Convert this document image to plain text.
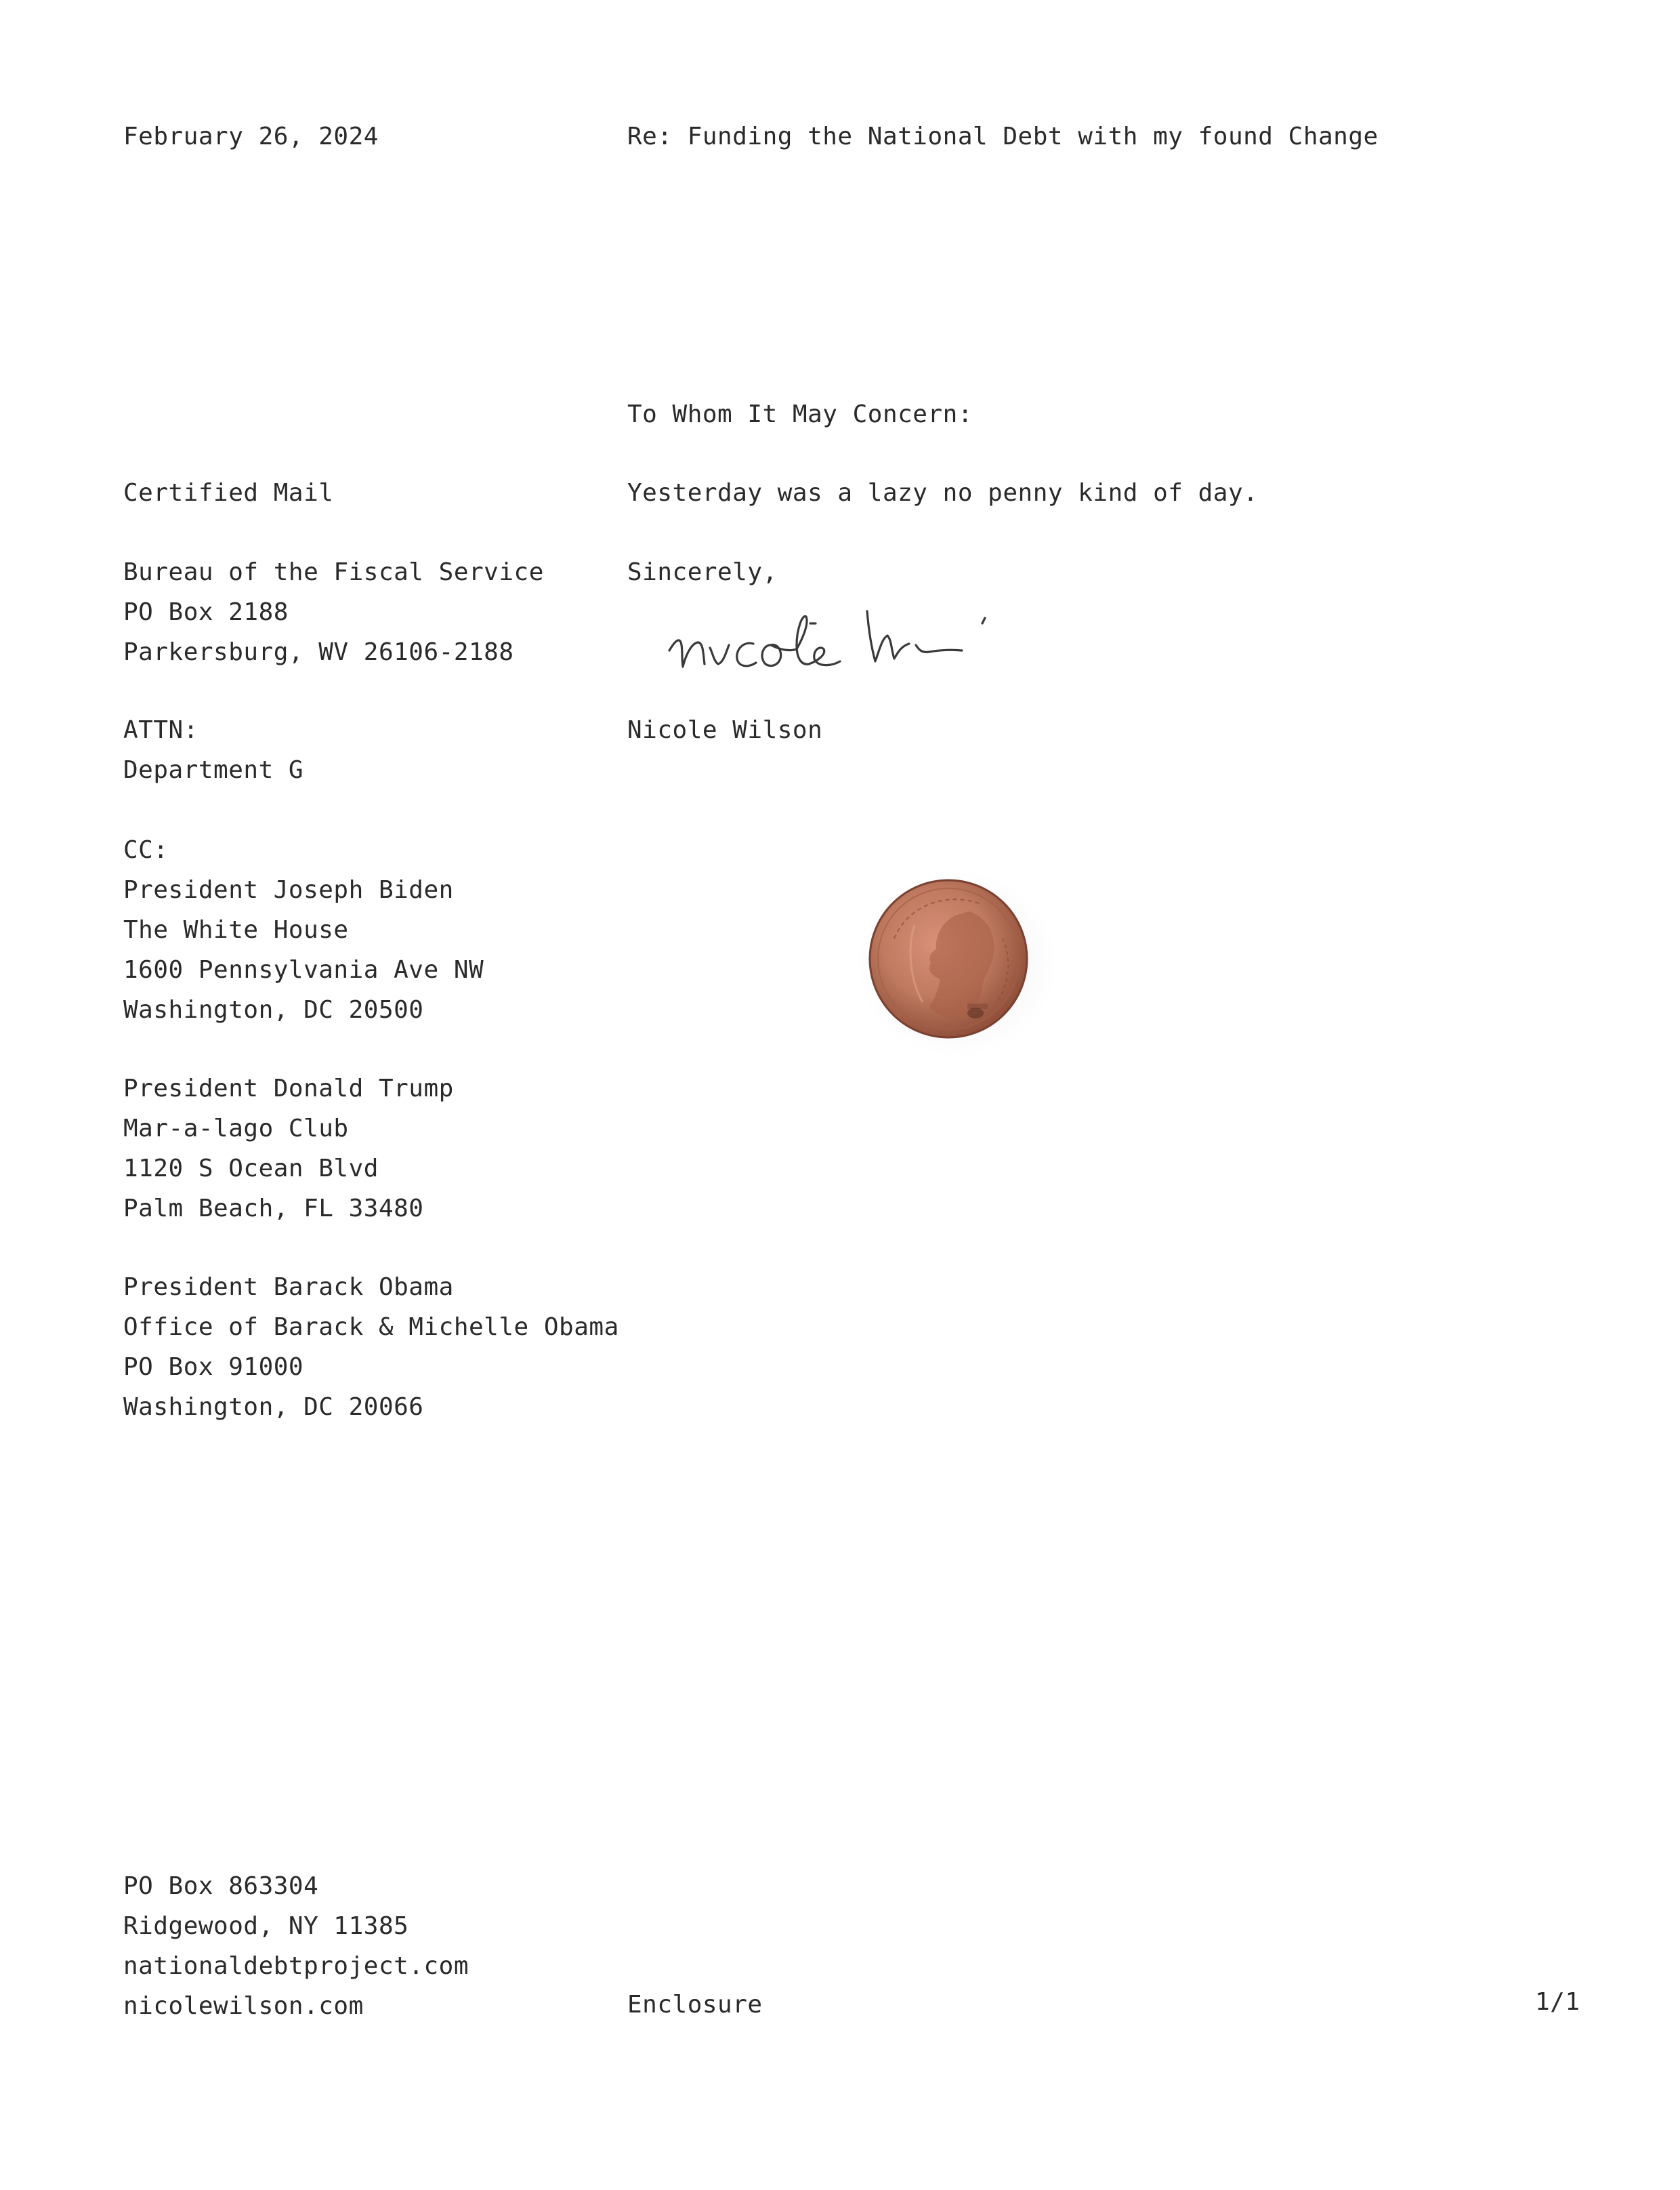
February 26, 2024	Re: Funding the National Debt with my found Change
To Whom It May Concern:
Yesterday was a lazy no penny kind of day.
Sincerely,
Nicole Wilson
Certified Mail
Bureau of the Fiscal Service
PO Box 2188
Parkersburg, WV 26106-2188
ATTN:
Department G
CC:
President Joseph Biden
The White House
1600 Pennsylvania Ave NW
Washington, DC 20500
President Donald Trump
Mar-a-lago Club
1120 S Ocean Blvd
Palm Beach, FL 33480
President Barack Obama
Office of Barack & Michelle Obama
PO Box 91000
Washington, DC 20066
PO Box 863304
Ridgewood, NY 11385
nationaldebtproject.com
nicolewilson.com	Enclosure	1/1
